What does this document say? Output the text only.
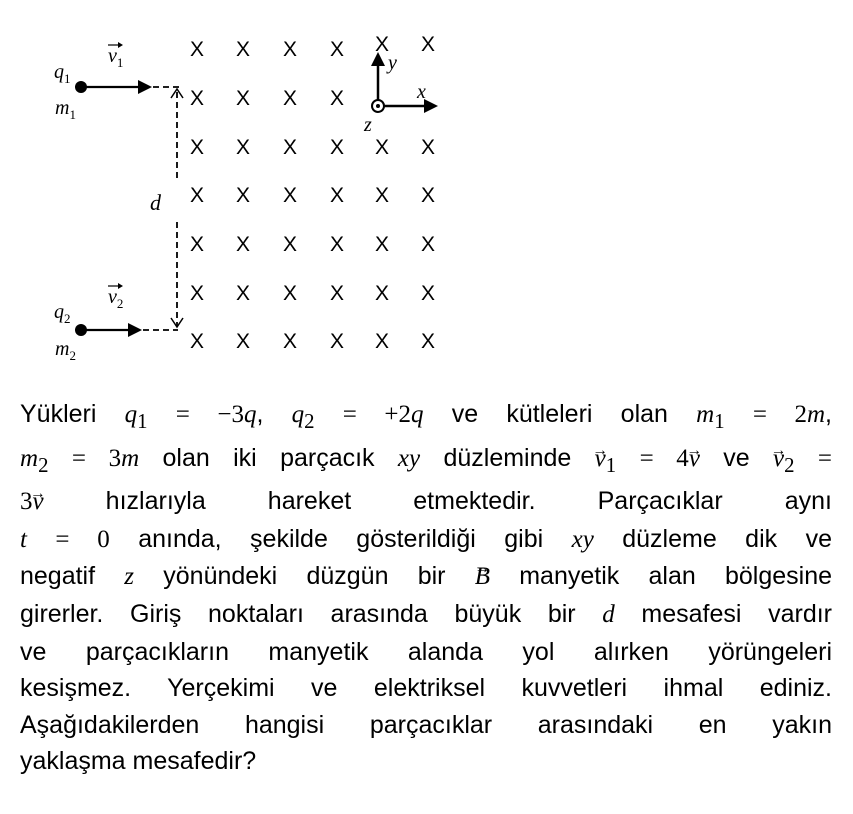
X X X X X X
X X X X
X X X X X X
X X X X X X
X X X X X X
X X X X X X
X X X X X X
$q_1$
$m_1$
$v_1$
$q_2$
$m_2$
$v_2$
d
y
x
z
Yükleri $q_1 = -3q$, $q_2 = +2q$ ve kütleleri olan $m_1 = 2m$,
$m_2 = 3m$ olan iki parçacık xy düzleminde → $v_1 = 4\to v$ ve → $v_2$ =
3→ v hızlarıyla hareket etmektedir. Parçacıklar aynı
t = 0 anında, şekilde gösterildiği gibi xy düzleme dik ve
negatif z yönündeki düzgün bir → B manyetik alan bölgesine
girerler. Giriş noktaları arasında büyük bir d mesafesi vardır
ve parçacıkların manyetik alanda yol alırken yörüngeleri
kesişmez. Yerçekimi ve elektriksel kuvvetleri ihmal ediniz.
Aşağıdakilerden hangisi parçacıklar arasındaki en yakın
yaklaşma mesafedir?
